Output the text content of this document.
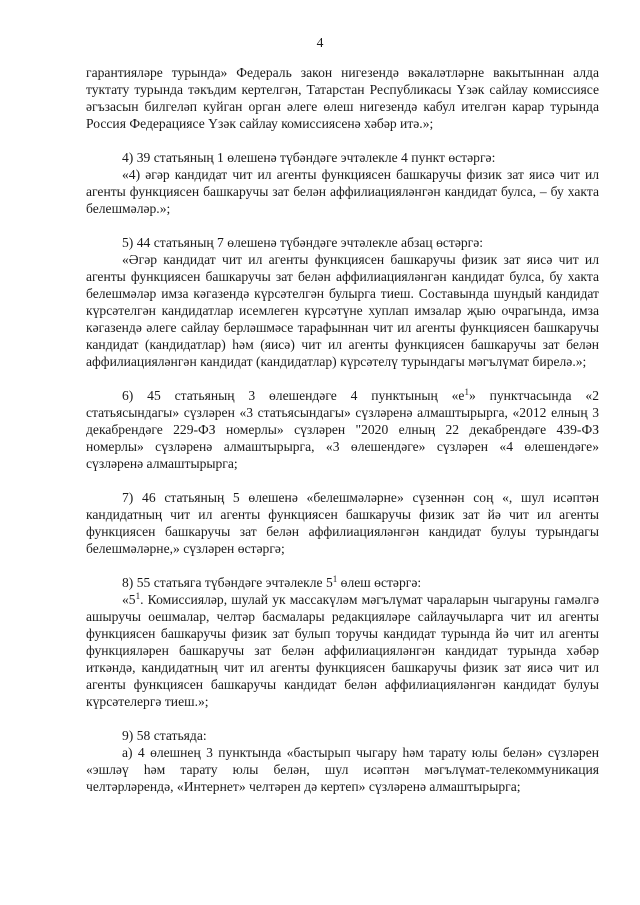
4

гарантияләре турында» Федераль закон нигезендә вәкаләтләрне вакытыннан алда туктату турында тәкъдим кертелгән, Татарстан Республикасы Үзәк сайлау комиссиясе әгъзасын билгеләп куйган орган әлеге өлеш нигезендә кабул ителгән карар турында Россия Федерациясе Үзәк сайлау комиссиясенә хәбәр итә.»;

4) 39 статьяның 1 өлешенә түбәндәге эчтәлекле 4 пункт өстәргә:

«4) әгәр кандидат чит ил агенты функциясен башкаручы физик зат яисә чит ил агенты функциясен башкаручы зат белән аффилиацияләнгән кандидат булса, – бу хакта белешмәләр.»;

5) 44 статьяның 7 өлешенә түбәндәге эчтәлекле абзац өстәргә:

«Әгәр кандидат чит ил агенты функциясен башкаручы физик зат яисә чит ил агенты функциясен башкаручы зат белән аффилиацияләнгән кандидат булса, бу хакта белешмәләр имза кәгазендә күрсәтелгән булырга тиеш. Составында шундый кандидат күрсәтелгән кандидатлар исемлеген күрсәтүне хуплап имзалар җыю очрагында, имза кәгазендә әлеге сайлау берләшмәсе тарафыннан чит ил агенты функциясен башкаручы кандидат (кандидатлар) һәм (яисә) чит ил агенты функциясен башкаручы зат белән аффилиацияләнгән кандидат (кандидатлар) күрсәтелү турындагы мәгълүмат бирелә.»;

6) 45 статьяның 3 өлешендәге 4 пунктының «$е^1$» пунктчасында «2 статьясындагы» сүзләрен «3 статьясындагы» сүзләренә алмаштырырга, «2012 елның 3 декабрендәге 229-ФЗ номерлы» сүзләрен "2020 елның 22 декабрендәге 439-ФЗ номерлы» сүзләренә алмаштырырга, «3 өлешендәге» сүзләрен «4 өлешендәге» сүзләренә алмаштырырга;

7) 46 статьяның 5 өлешенә «белешмәләрне» сүзеннән соң «, шул исәптән кандидатның чит ил агенты функциясен башкаручы физик зат йә чит ил агенты функциясен башкаручы зат белән аффилиацияләнгән кандидат булуы турындагы белешмәләрне,» сүзләрен өстәргә;

8) 55 статьяга түбәндәге эчтәлекле $5^1$ өлеш өстәргә:

«$5^1$. Комиссияләр, шулай ук массакүләм мәгълүмат чараларын чыгаруны гамәлгә ашыручы оешмалар, челтәр басмалары редакцияләре сайлаучыларга чит ил агенты функциясен башкаручы физик зат булып торучы кандидат турында йә чит ил агенты функцияләрен башкаручы зат белән аффилиацияләнгән кандидат турында хәбәр иткәндә, кандидатның чит ил агенты функциясен башкаручы физик зат яисә чит ил агенты функциясен башкаручы кандидат белән аффилиацияләнгән кандидат булуы күрсәтелергә тиеш.»;

9) 58 статьяда:

а) 4 өлешнең 3 пунктында «бастырып чыгару һәм тарату юлы белән» сүзләрен «эшләү һәм тарату юлы белән, шул исәптән мәгълүмат-телекоммуникация челтәрләрендә, «Интернет» челтәрен дә кертеп» сүзләренә алмаштырырга;
